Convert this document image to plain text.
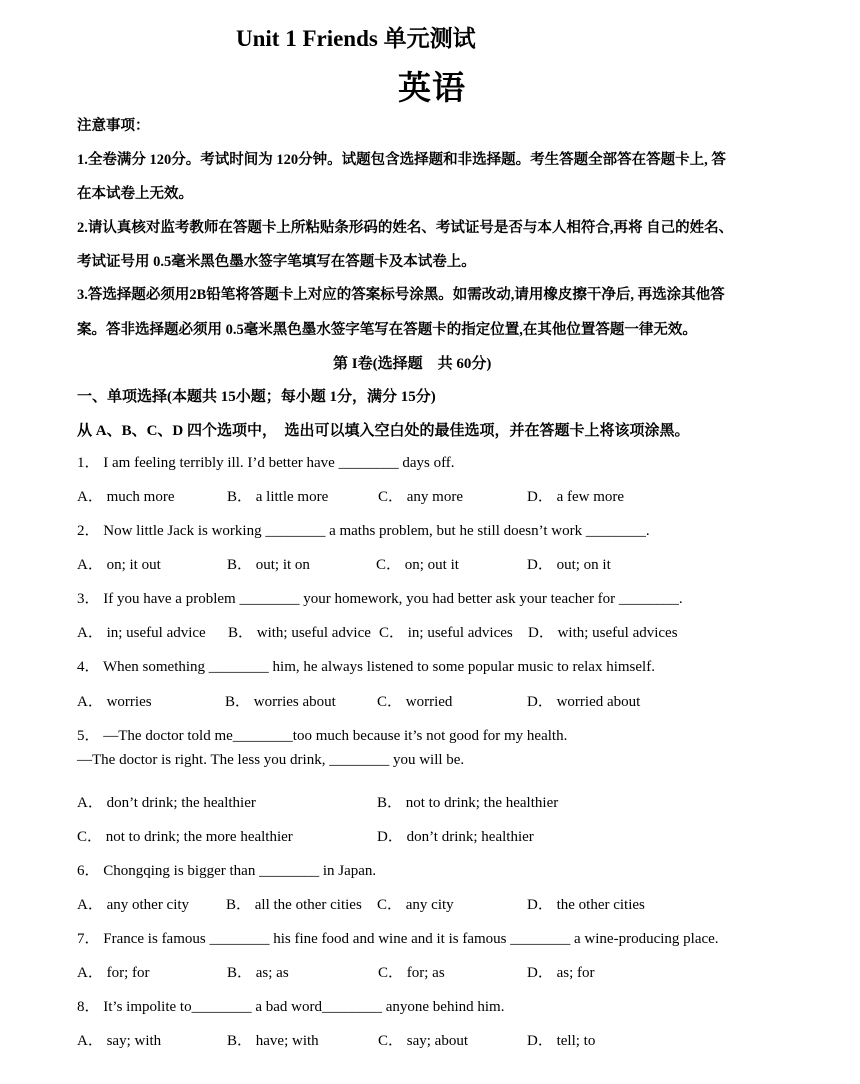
Unit 1 Friends 单元测试
英语
注意事项：
1.全卷满分 120分。考试时间为 120分钟。试题包含选择题和非选择题。考生答题全部答在答题卡上, 答
在本试卷上无效。
2.请认真核对监考教师在答题卡上所粘贴条形码的姓名、考试证号是否与本人相符合,再将 自己的姓名、
考试证号用 0.5毫米黑色墨水签字笔填写在答题卡及本试卷上。
3.答选择题必须用2B铅笔将答题卡上对应的答案标号涂黑。如需改动,请用橡皮擦干净后, 再选涂其他答
案。答非选择题必须用 0.5毫米黑色墨水签字笔写在答题卡的指定位置,在其他位置答题一律无效。
第 I卷(选择题　共 60分)
一、单项选择(本题共 15小题；每小题 1分，满分 15分)
从 A、B、C、D 四个选项中，　选出可以填入空白处的最佳选项，并在答题卡上将该项涂黑。
1． I am feeling terribly ill. I’d better have ________ days off.
A． much more	B． a little more	C． any more	D． a few more
2． Now little Jack is working ________ a maths problem, but he still doesn’t work ________.
A． on; it out	B． out; it on	C． on; out it	D． out; on it
3． If you have a problem ________ your homework, you had better ask your teacher for ________.
A． in; useful advice B． with; useful advice C． in; useful advices D． with; useful advices
4． When something ________ him, he always listened to some popular music to relax himself.
A． worries	B． worries about	C． worried	D． worried about
5． —The doctor told me________too much because it’s not good for my health.
—The doctor is right. The less you drink, ________ you will be.
A． don’t drink; the healthier	B． not to drink; the healthier
C． not to drink; the more healthier	D． don’t drink; healthier
6． Chongqing is bigger than ________ in Japan.
A． any other city B． all the other cities C． any city	D． the other cities
7． France is famous ________ his fine food and wine and it is famous ________ a wine-producing place.
A． for; for	B． as; as	C． for; as	D． as; for
8． It’s impolite to________ a bad word________ anyone behind him.
A． say; with	B． have; with	C． say; about	D． tell; to
